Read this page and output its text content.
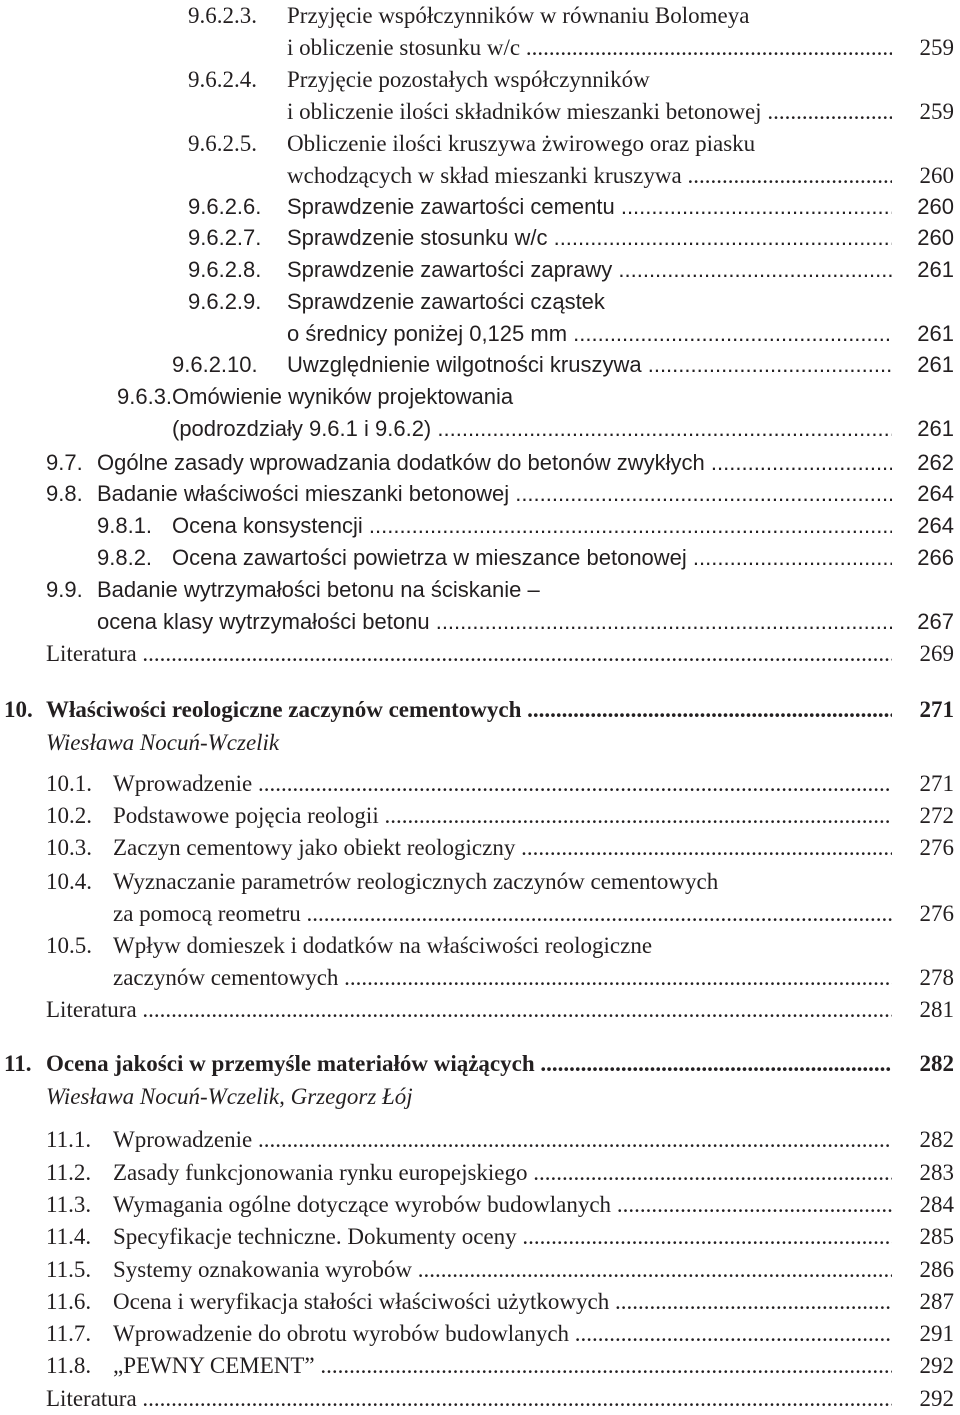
9.6.2.3. Przyjęcie współczynników w równaniu Bolomeya
i obliczenie stosunku w/c .....	259
9.6.2.4. Przyjęcie pozostałych współczynników
i obliczenie ilości składników mieszanki betonowej .....	259
9.6.2.5. Obliczenie ilości kruszywa żwirowego oraz piasku
wchodzących w skład mieszanki kruszywa .....	260
9.6.2.6. Sprawdzenie zawartości cementu .....	260
9.6.2.7. Sprawdzenie stosunku w/c .....	260
9.6.2.8. Sprawdzenie zawartości zaprawy .....	261
9.6.2.9. Sprawdzenie zawartości cząstek
o średnicy poniżej 0,125 mm .....	261
9.6.2.10. Uwzględnienie wilgotności kruszywa .....	261
9.6.3. Omówienie wyników projektowania
(podrozdziały 9.6.1 i 9.6.2) .....	261
9.7. Ogólne zasady wprowadzania dodatków do betonów zwykłych .....	262
9.8. Badanie właściwości mieszanki betonowej .....	264
9.8.1. Ocena konsystencji .....	264
9.8.2. Ocena zawartości powietrza w mieszance betonowej .....	266
9.9. Badanie wytrzymałości betonu na ściskanie –
ocena klasy wytrzymałości betonu .....	267
Literatura .....	269
10. Właściwości reologiczne zaczynów cementowych .....	271
10.1. Wprowadzenie .....	271
10.2. Podstawowe pojęcia reologii .....	272
10.3. Zaczyn cementowy jako obiekt reologiczny .....	276
10.4. Wyznaczanie parametrów reologicznych zaczynów cementowych
za pomocą reometru .....	276
10.5. Wpływ domieszek i dodatków na właściwości reologiczne
zaczynów cementowych .....	278
Literatura .....	281
11. Ocena jakości w przemyśle materiałów wiążących .....	282
11.1. Wprowadzenie .....	282
11.2. Zasady funkcjonowania rynku europejskiego .....	283
11.3. Wymagania ogólne dotyczące wyrobów budowlanych .....	284
11.4. Specyfikacje techniczne. Dokumenty oceny .....	285
11.5. Systemy oznakowania wyrobów .....	286
11.6. Ocena i weryfikacja stałości właściwości użytkowych .....	287
11.7. Wprowadzenie do obrotu wyrobów budowlanych .....	291
11.8. „PEWNY CEMENT” .....	292
Literatura .....	292
Wiesława Nocuń-Wczelik
Wiesława Nocuń-Wczelik, Grzegorz Łój
